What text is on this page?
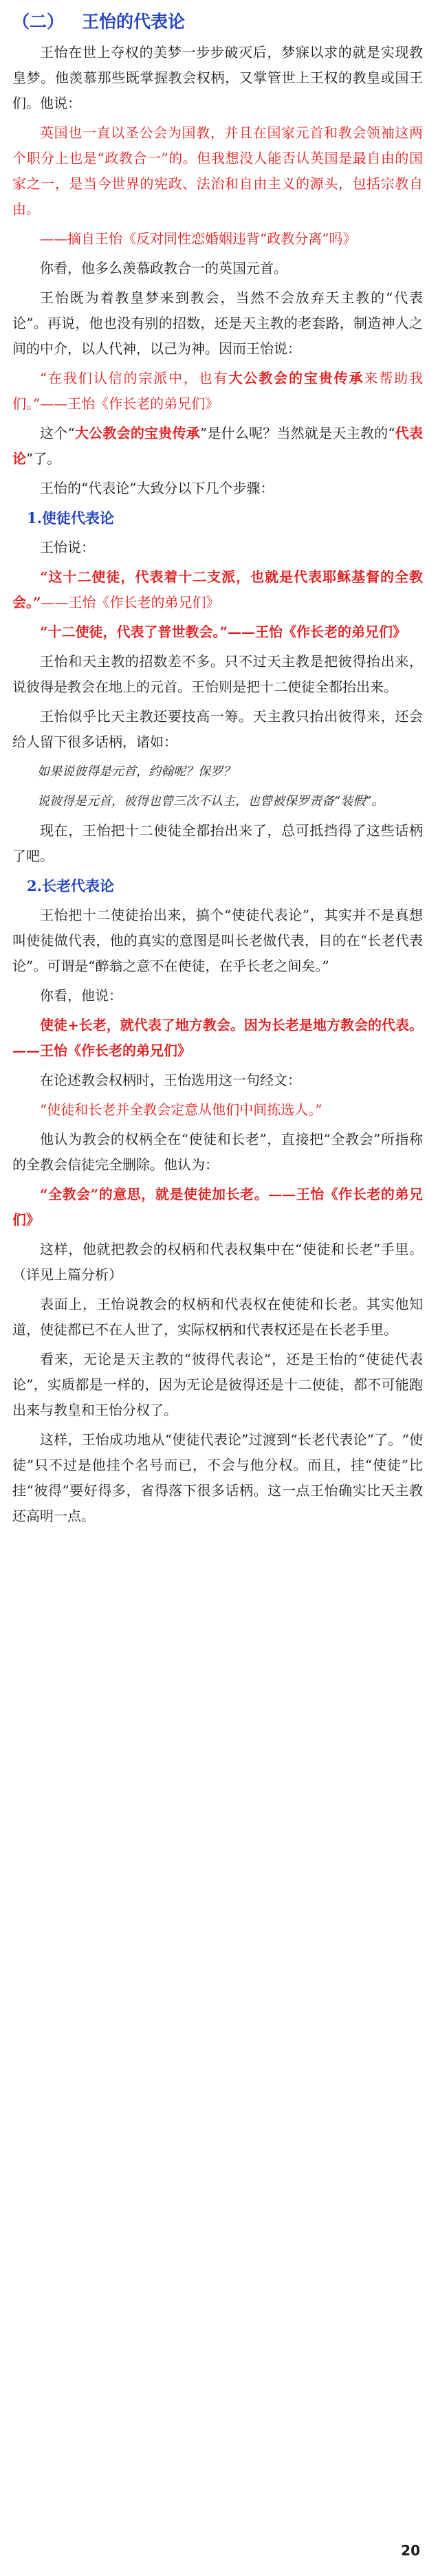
（二） 王怡的代表论

王怡在世上夺权的美梦一步步破灭后，梦寐以求的就是实现教皇梦。他羡慕那些既掌握教会权柄，又掌管世上王权的教皇或国王们。他说：

英国也一直以圣公会为国教，并且在国家元首和教会领袖这两个职分上也是“政教合一”的。但我想没人能否认英国是最自由的国家之一，是当今世界的宪政、法治和自由主义的源头，包括宗教自由。

——摘自王怡《反对同性恋婚姻违背“政教分离”吗》

你看，他多么羡慕政教合一的英国元首。

王怡既为着教皇梦来到教会，当然不会放弃天主教的“代表论”。再说，他也没有别的招数，还是天主教的老套路，制造神人之间的中介，以人代神，以己为神。因而王怡说：

“在我们认信的宗派中，也有大公教会的宝贵传承来帮助我们。”——王怡《作长老的弟兄们》

这个“大公教会的宝贵传承”是什么呢？当然就是天主教的“代表论”了。

王怡的“代表论”大致分以下几个步骤：

1.使徒代表论

王怡说：

“这十二使徒，代表着十二支派，也就是代表耶稣基督的全教会。”——王怡《作长老的弟兄们》

“十二使徒，代表了普世教会。”——王怡《作长老的弟兄们》

王怡和天主教的招数差不多。只不过天主教是把彼得抬出来，说彼得是教会在地上的元首。王怡则是把十二使徒全都抬出来。

王怡似乎比天主教还要技高一筹。天主教只抬出彼得来，还会给人留下很多话柄，诸如：

如果说彼得是元首，约翰呢？保罗？

说彼得是元首，彼得也曾三次不认主，也曾被保罗责备“装假”。

现在，王怡把十二使徒全都抬出来了，总可抵挡得了这些话柄了吧。

2.长老代表论

王怡把十二使徒抬出来，搞个“使徒代表论”，其实并不是真想叫使徒做代表，他的真实的意图是叫长老做代表，目的在“长老代表论”。可谓是“醉翁之意不在使徒，在乎长老之间矣。”

你看，他说：

使徒+长老，就代表了地方教会。因为长老是地方教会的代表。——王怡《作长老的弟兄们》

在论述教会权柄时，王怡选用这一句经文：

“使徒和长老并全教会定意从他们中间拣选人。”

他认为教会的权柄全在“使徒和长老”，直接把“全教会”所指称的全教会信徒完全删除。他认为：

“全教会”的意思，就是使徒加长老。——王怡《作长老的弟兄们》

这样，他就把教会的权柄和代表权集中在“使徒和长老”手里。（详见上篇分析）

表面上，王怡说教会的权柄和代表权在使徒和长老。其实他知道，使徒都已不在人世了，实际权柄和代表权还是在长老手里。

看来，无论是天主教的“彼得代表论”，还是王怡的“使徒代表论”，实质都是一样的，因为无论是彼得还是十二使徒，都不可能跑出来与教皇和王怡分权了。

这样，王怡成功地从“使徒代表论”过渡到“长老代表论”了。“使徒”只不过是他挂个名号而已，不会与他分权。而且，挂“使徒”比挂“彼得”要好得多，省得落下很多话柄。这一点王怡确实比天主教还高明一点。

20
